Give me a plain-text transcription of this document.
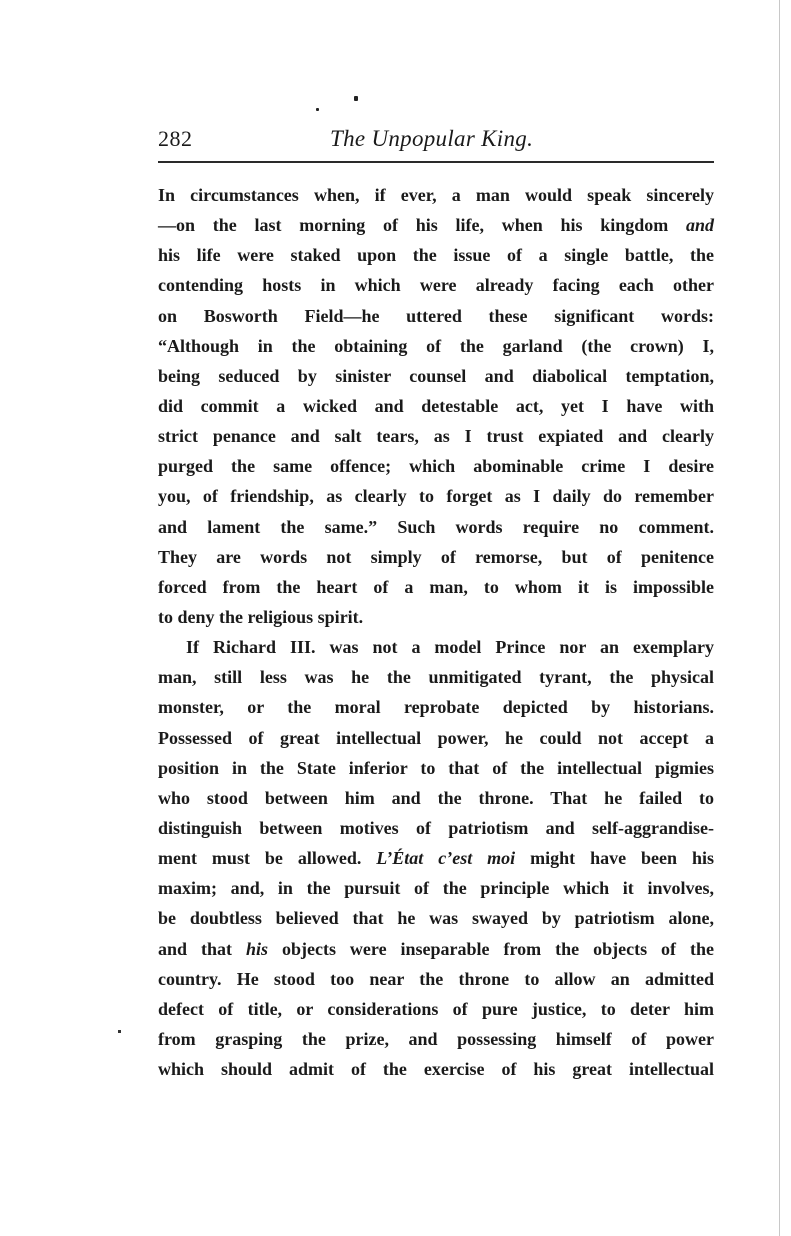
282	The Unpopular King.
In circumstances when, if ever, a man would speak sincerely
—on the last morning of his life, when his kingdom and
his life were staked upon the issue of a single battle, the
contending hosts in which were already facing each other
on Bosworth Field—he uttered these significant words:
“Although in the obtaining of the garland (the crown) I,
being seduced by sinister counsel and diabolical temptation,
did commit a wicked and detestable act, yet I have with
strict penance and salt tears, as I trust expiated and clearly
purged the same offence; which abominable crime I desire
you, of friendship, as clearly to forget as I daily do remember
and lament the same.” Such words require no comment.
They are words not simply of remorse, but of penitence
forced from the heart of a man, to whom it is impossible
to deny the religious spirit.
If Richard III. was not a model Prince nor an exemplary
man, still less was he the unmitigated tyrant, the physical
monster, or the moral reprobate depicted by historians.
Possessed of great intellectual power, he could not accept a
position in the State inferior to that of the intellectual pigmies
who stood between him and the throne. That he failed to
distinguish between motives of patriotism and self-aggrandise-
ment must be allowed. L’État c’est moi might have been his
maxim; and, in the pursuit of the principle which it involves,
be doubtless believed that he was swayed by patriotism alone,
and that his objects were inseparable from the objects of the
country. He stood too near the throne to allow an admitted
defect of title, or considerations of pure justice, to deter him
from grasping the prize, and possessing himself of power
which should admit of the exercise of his great intellectual
